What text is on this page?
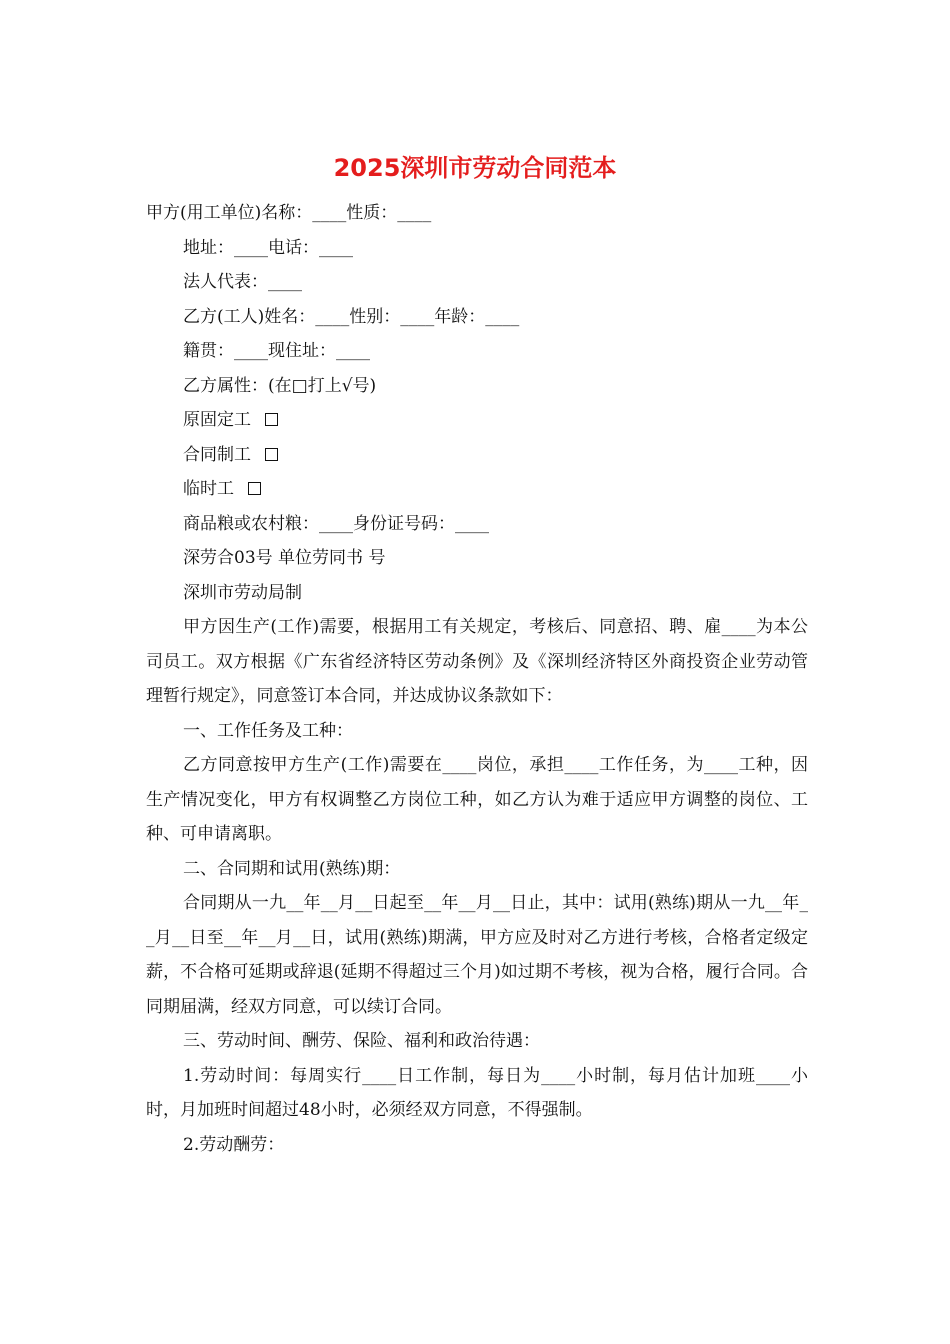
2025深圳市劳动合同范本

甲方(用工单位)名称：____性质：____

地址：____电话：____

法人代表：____

乙方(工人)姓名：____性别：____年龄：____

籍贯：____现住址：____

乙方属性：(在□打上√号)

原固定工

合同制工

临时工

商品粮或农村粮：____身份证号码：____

深劳合03号 单位劳同书 号

深圳市劳动局制

甲方因生产(工作)需要，根据用工有关规定，考核后、同意招、聘、雇____为本公司员工。双方根据《广东省经济特区劳动条例》及《深圳经济特区外商投资企业劳动管理暂行规定》，同意签订本合同，并达成协议条款如下：

一、工作任务及工种：

乙方同意按甲方生产(工作)需要在____岗位，承担____工作任务，为____工种，因生产情况变化，甲方有权调整乙方岗位工种，如乙方认为难于适应甲方调整的岗位、工种、可申请离职。

二、合同期和试用(熟练)期：

合同期从一九__年__月__日起至__年__月__日止，其中：试用(熟练)期从一九__年__月__日至__年__月__日，试用(熟练)期满，甲方应及时对乙方进行考核，合格者定级定薪，不合格可延期或辞退(延期不得超过三个月)如过期不考核，视为合格，履行合同。合同期届满，经双方同意，可以续订合同。

三、劳动时间、酬劳、保险、福利和政治待遇：

1.劳动时间：每周实行____日工作制，每日为____小时制，每月估计加班____小时，月加班时间超过48小时，必须经双方同意，不得强制。

2.劳动酬劳：
